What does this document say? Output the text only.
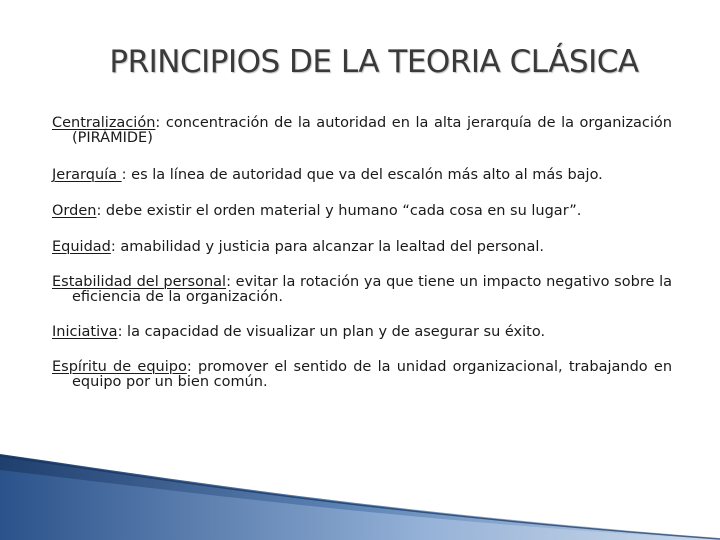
PRINCIPIOS DE LA TEORIA CLÁSICA

Centralización: concentración de la autoridad en la alta jerarquía de la organización (PIRÁMIDE)

Jerarquía : es la línea de autoridad que va del escalón más alto al más bajo.

Orden: debe existir el orden material y humano “cada cosa en su lugar”.

Equidad: amabilidad y justicia para alcanzar la lealtad del personal.

Estabilidad del personal: evitar la rotación ya que tiene un impacto negativo sobre la eficiencia de la organización.

Iniciativa: la capacidad de visualizar un plan y de asegurar su éxito.

Espíritu de equipo: promover el sentido de la unidad organizacional, trabajando en equipo por un bien común.
